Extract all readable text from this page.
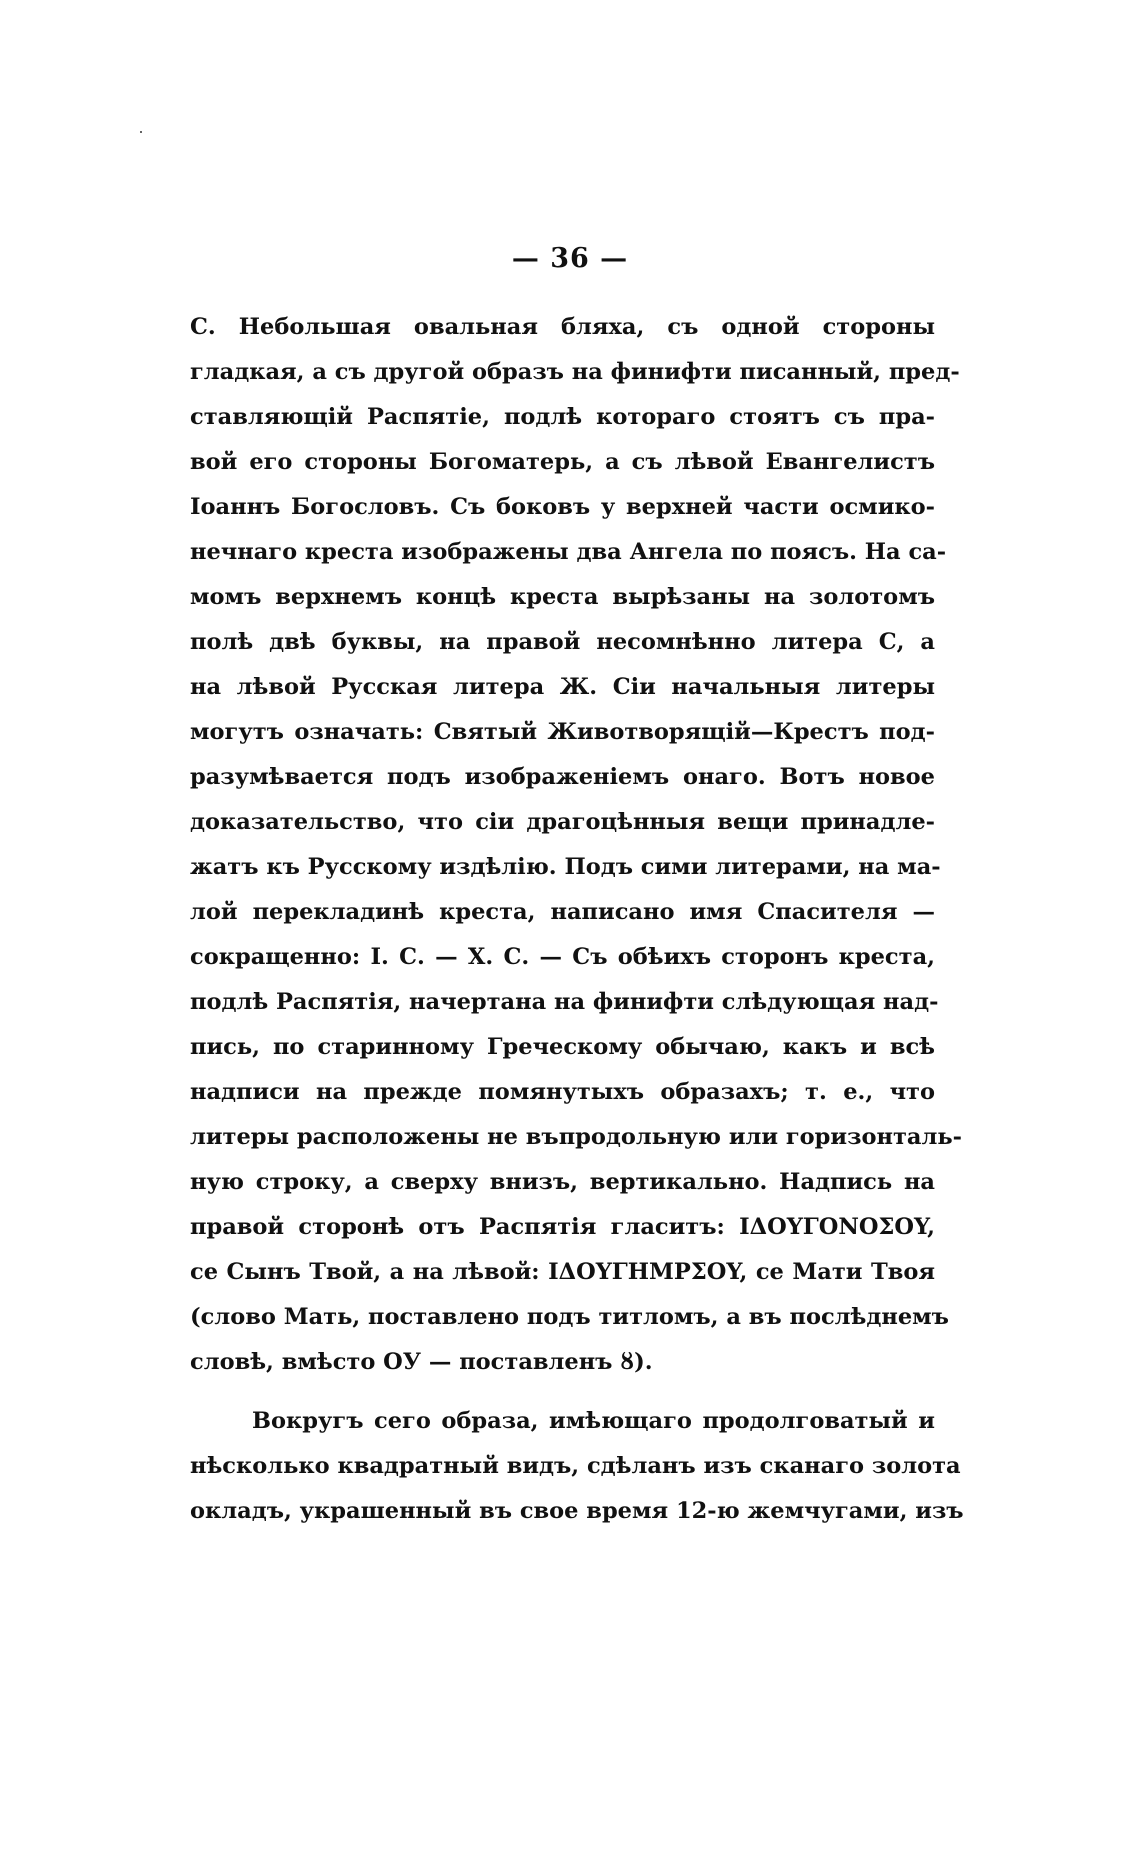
— 36 —
С. Небольшая овальная бляха, съ одной стороны
гладкая, а съ другой образъ на финифти писанный, пред-
ставляющій Распятіе, подлѣ котораго стоятъ съ пра-
вой его стороны Богоматерь, а съ лѣвой Евангелистъ
Іоаннъ Богословъ. Съ боковъ у верхней части осмико-
нечнаго креста изображены два Ангела по поясъ. На са-
момъ верхнемъ концѣ креста вырѣзаны на золотомъ
полѣ двѣ буквы, на правой несомнѣнно литера С, а
на лѣвой Русская литера Ж. Сіи начальныя литеры
могутъ означать: Святый Животворящій—Крестъ под-
разумѣвается подъ изображеніемъ онаго. Вотъ новое
доказательство, что сіи драгоцѣнныя вещи принадле-
жатъ къ Русскому издѣлію. Подъ сими литерами, на ма-
лой перекладинѣ креста, написано имя Спасителя —
сокращенно: І. С. — Х. С. — Съ обѣихъ сторонъ креста,
подлѣ Распятія, начертана на финифти слѣдующая над-
пись, по старинному Греческому обычаю, какъ и всѣ
надписи на прежде помянутыхъ образахъ; т. е., что
литеры расположены не въпродольную или горизонталь-
ную строку, а сверху внизъ, вертикально. Надпись на
правой сторонѣ отъ Распятія гласитъ: IΔOYΓONOΣOY,
се Сынъ Твой, а на лѣвой: IΔOYΓHMΡΣOY, се Мати Твоя
(слово Мать, поставлено подъ титломъ, а въ послѣднемъ
словѣ, вмѣсто ОУ — поставленъ ȣ).
Вокругъ сего образа, имѣющаго продолговатый и
нѣсколько квадратный видъ, сдѣланъ изъ сканаго золота
окладъ, украшенный въ свое время 12-ю жемчугами, изъ
